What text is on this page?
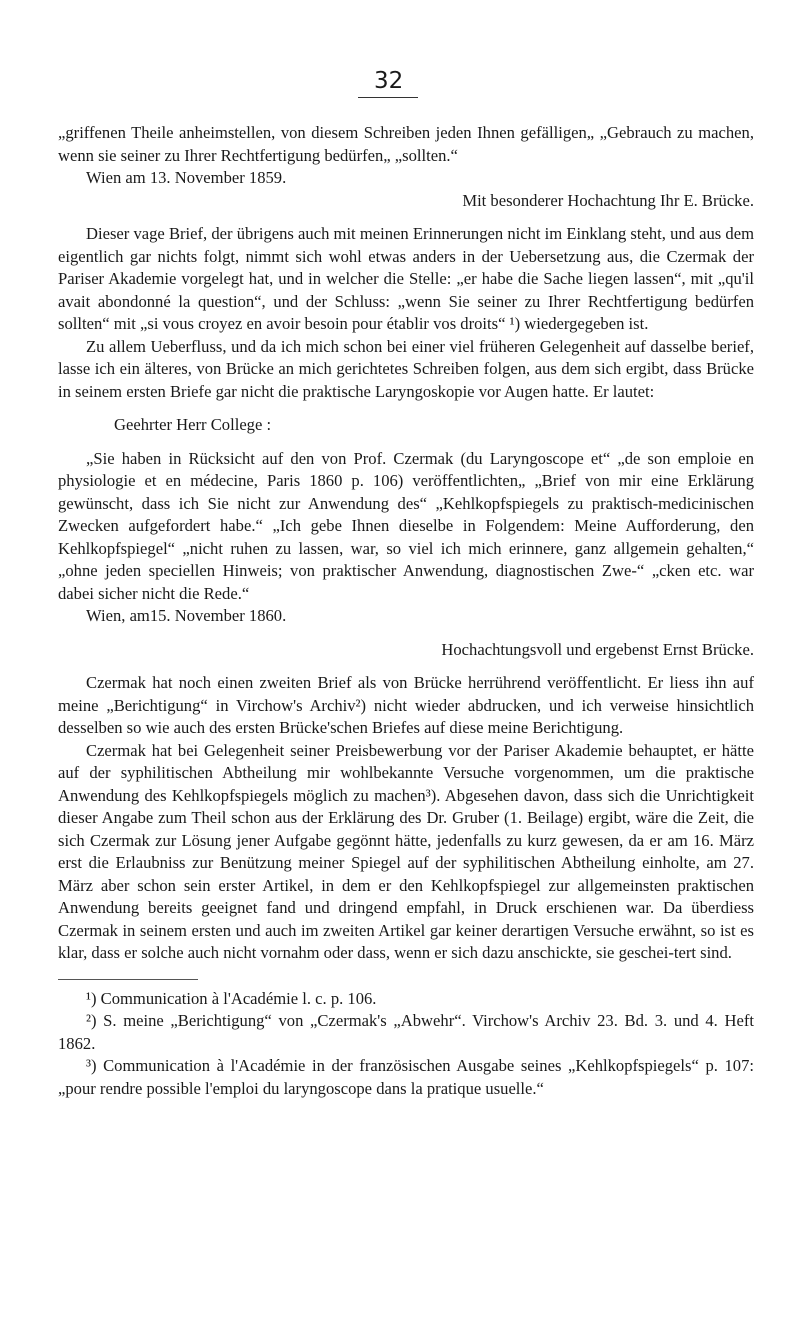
32

„griffenen Theile anheimstellen, von diesem Schreiben jeden Ihnen gefälligen„ „Gebrauch zu machen, wenn sie seiner zu Ihrer Rechtfertigung bedürfen„ „sollten.“

Wien am 13. November 1859.

Mit besonderer Hochachtung Ihr E. Brücke.

Dieser vage Brief, der übrigens auch mit meinen Erinnerungen nicht im Einklang steht, und aus dem eigentlich gar nichts folgt, nimmt sich wohl etwas anders in der Uebersetzung aus, die Czermak der Pariser Akademie vorgelegt hat, und in welcher die Stelle: „er habe die Sache liegen lassen“, mit „qu'il avait abondonné la question“, und der Schluss: „wenn Sie seiner zu Ihrer Rechtfertigung bedürfen sollten“ mit „si vous croyez en avoir besoin pour établir vos droits“ ¹) wiedergegeben ist.

Zu allem Ueberfluss, und da ich mich schon bei einer viel früheren Gelegenheit auf dasselbe berief, lasse ich ein älteres, von Brücke an mich gerichtetes Schreiben folgen, aus dem sich ergibt, dass Brücke in seinem ersten Briefe gar nicht die praktische Laryngoskopie vor Augen hatte. Er lautet:

Geehrter Herr College :

„Sie haben in Rücksicht auf den von Prof. Czermak (du Laryngoscope et“ „de son emploie en physiologie et en médecine, Paris 1860 p. 106) veröffentlichten„ „Brief von mir eine Erklärung gewünscht, dass ich Sie nicht zur Anwendung des“ „Kehlkopfspiegels zu praktisch-medicinischen Zwecken aufgefordert habe.“ „Ich gebe Ihnen dieselbe in Folgendem: Meine Aufforderung, den Kehlkopfspiegel“ „nicht ruhen zu lassen, war, so viel ich mich erinnere, ganz allgemein gehalten,“ „ohne jeden speciellen Hinweis; von praktischer Anwendung, diagnostischen Zwe-“ „cken etc. war dabei sicher nicht die Rede.“

Wien, am15. November 1860.

Hochachtungsvoll und ergebenst Ernst Brücke.

Czermak hat noch einen zweiten Brief als von Brücke herrührend veröffentlicht. Er liess ihn auf meine „Berichtigung“ in Virchow's Archiv²) nicht wieder abdrucken, und ich verweise hinsichtlich desselben so wie auch des ersten Brücke'schen Briefes auf diese meine Berichtigung.

Czermak hat bei Gelegenheit seiner Preisbewerbung vor der Pariser Akademie behauptet, er hätte auf der syphilitischen Abtheilung mir wohlbekannte Versuche vorgenommen, um die praktische Anwendung des Kehlkopfspiegels möglich zu machen³). Abgesehen davon, dass sich die Unrichtigkeit dieser Angabe zum Theil schon aus der Erklärung des Dr. Gruber (1. Beilage) ergibt, wäre die Zeit, die sich Czermak zur Lösung jener Aufgabe gegönnt hätte, jedenfalls zu kurz gewesen, da er am 16. März erst die Erlaubniss zur Benützung meiner Spiegel auf der syphilitischen Abtheilung einholte, am 27. März aber schon sein erster Artikel, in dem er den Kehlkopfspiegel zur allgemeinsten praktischen Anwendung bereits geeignet fand und dringend empfahl, in Druck erschienen war. Da überdiess Czermak in seinem ersten und auch im zweiten Artikel gar keiner derartigen Versuche erwähnt, so ist es klar, dass er solche auch nicht vornahm oder dass, wenn er sich dazu anschickte, sie geschei-tert sind.

¹) Communication à l'Académie l. c. p. 106.

²) S. meine „Berichtigung“ von „Czermak's „Abwehr“. Virchow's Archiv 23. Bd. 3. und 4. Heft 1862.

³) Communication à l'Académie in der französischen Ausgabe seines „Kehlkopfspiegels“ p. 107: „pour rendre possible l'emploi du laryngoscope dans la pratique usuelle.“
